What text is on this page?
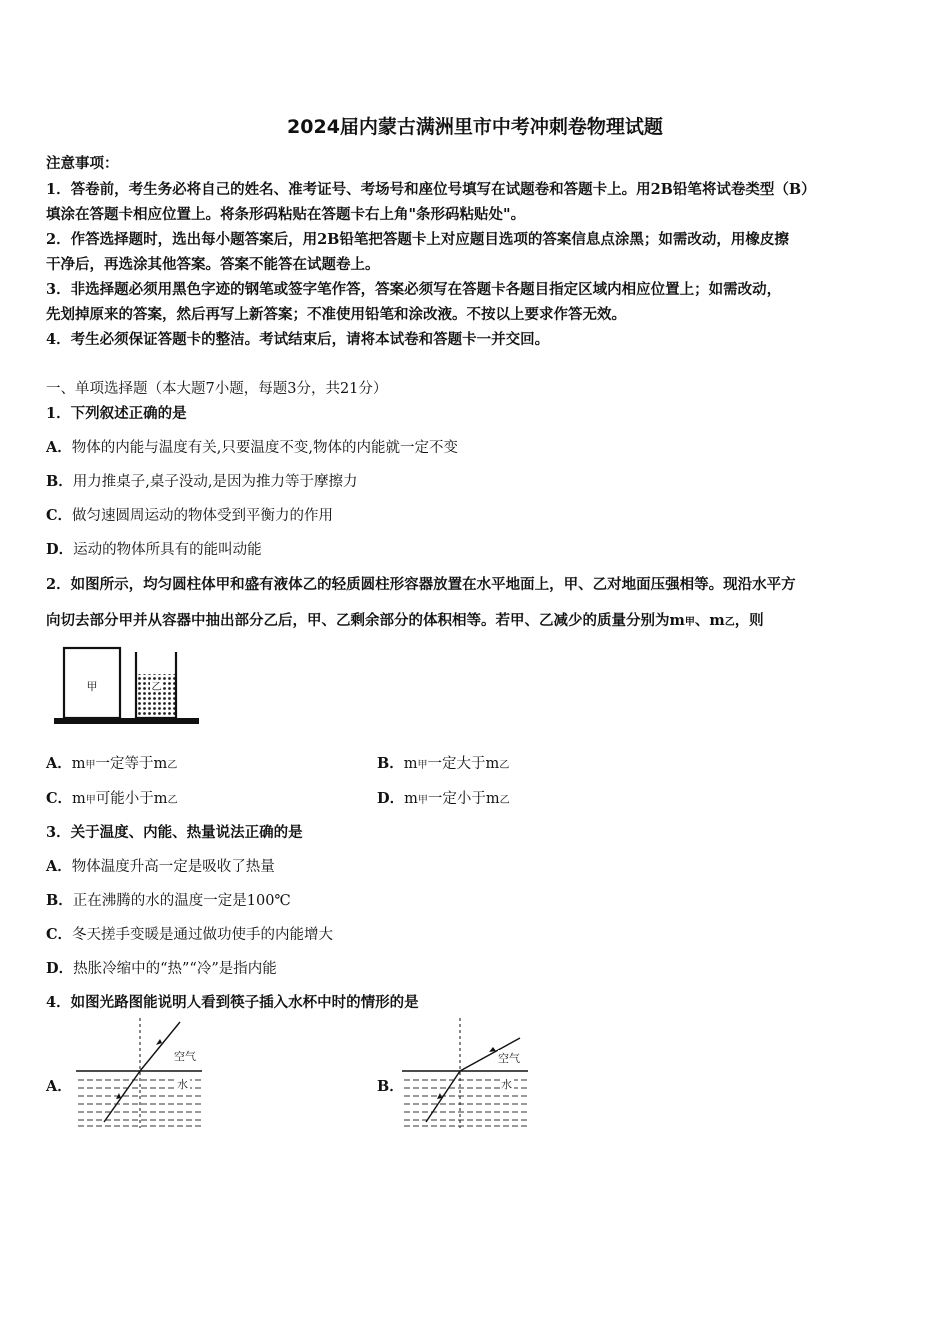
2024届内蒙古满洲里市中考冲刺卷物理试题
注意事项：
1．答卷前，考生务必将自己的姓名、准考证号、考场号和座位号填写在试题卷和答题卡上。用2B铅笔将试卷类型（B）
填涂在答题卡相应位置上。将条形码粘贴在答题卡右上角"条形码粘贴处"。
2．作答选择题时，选出每小题答案后，用2B铅笔把答题卡上对应题目选项的答案信息点涂黑；如需改动，用橡皮擦
干净后，再选涂其他答案。答案不能答在试题卷上。
3．非选择题必须用黑色字迹的钢笔或签字笔作答，答案必须写在答题卡各题目指定区域内相应位置上；如需改动，
先划掉原来的答案，然后再写上新答案；不准使用铅笔和涂改液。不按以上要求作答无效。
4．考生必须保证答题卡的整洁。考试结束后，请将本试卷和答题卡一并交回。
一、单项选择题（本大题7小题，每题3分，共21分）
1．下列叙述正确的是
A．物体的内能与温度有关,只要温度不变,物体的内能就一定不变
B．用力推桌子,桌子没动,是因为推力等于摩擦力
C．做匀速圆周运动的物体受到平衡力的作用
D．运动的物体所具有的能叫动能
2．如图所示，均匀圆柱体甲和盛有液体乙的轻质圆柱形容器放置在水平地面上，甲、乙对地面压强相等。现沿水平方
向切去部分甲并从容器中抽出部分乙后，甲、乙剩余部分的体积相等。若甲、乙减少的质量分别为m甲、m乙，则
甲	乙
A．m甲一定等于m乙	B．m甲一定大于m乙
C．m甲可能小于m乙	D．m甲一定小于m乙
3．关于温度、内能、热量说法正确的是
A．物体温度升高一定是吸收了热量
B．正在沸腾的水的温度一定是100℃
C．冬天搓手变暖是通过做功使手的内能增大
D．热胀冷缩中的“热”“冷”是指内能
4．如图光路图能说明人看到筷子插入水杯中时的情形的是
A．
空气
水	B．
空气
水
